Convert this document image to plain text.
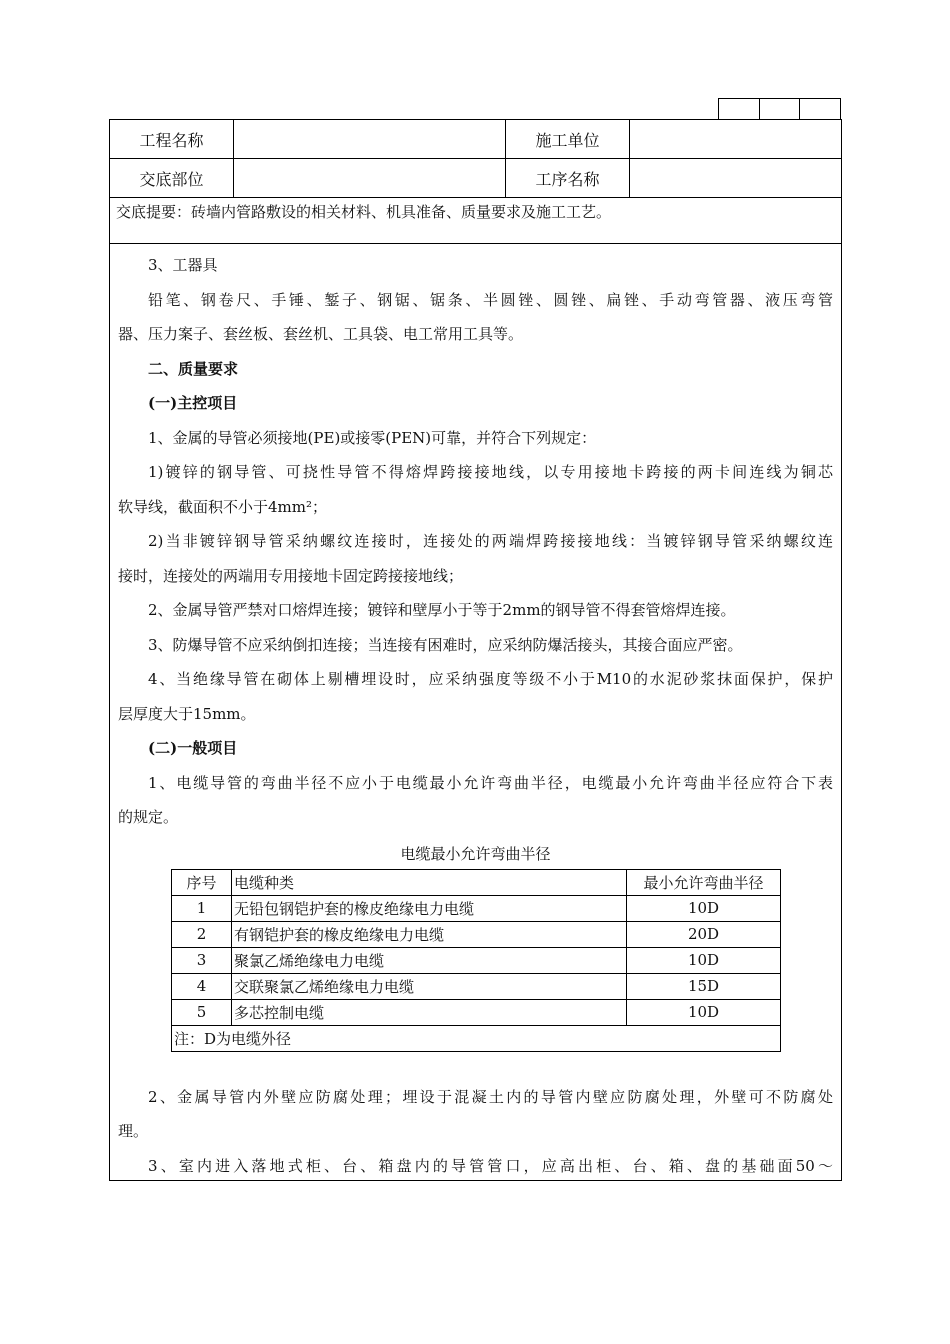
工程名称	施工单位
交底部位	工序名称
交底提要：砖墙内管路敷设的相关材料、机具准备、质量要求及施工工艺。

3、工器具

铅笔、钢卷尺、手锤、錾子、钢锯、锯条、半圆锉、圆锉、扁锉、手动弯管器、液压弯管

器、压力案子、套丝板、套丝机、工具袋、电工常用工具等。

二、质量要求

(一)主控项目

1、金属的导管必须接地(PE)或接零(PEN)可靠，并符合下列规定：

1)镀锌的钢导管、可挠性导管不得熔焊跨接接地线，以专用接地卡跨接的两卡间连线为铜芯

软导线，截面积不小于4mm²；

2)当非镀锌钢导管采纳螺纹连接时，连接处的两端焊跨接接地线：当镀锌钢导管采纳螺纹连

接时，连接处的两端用专用接地卡固定跨接接地线；

2、金属导管严禁对口熔焊连接；镀锌和壁厚小于等于2mm的钢导管不得套管熔焊连接。

3、防爆导管不应采纳倒扣连接；当连接有困难时，应采纳防爆活接头，其接合面应严密。

4、当绝缘导管在砌体上剔槽埋设时，应采纳强度等级不小于M10的水泥砂浆抹面保护，保护

层厚度大于15mm。

(二)一般项目

1、电缆导管的弯曲半径不应小于电缆最小允许弯曲半径，电缆最小允许弯曲半径应符合下表

的规定。

电缆最小允许弯曲半径
序号	电缆种类	最小允许弯曲半径
1	无铅包钢铠护套的橡皮绝缘电力电缆	10D
2	有钢铠护套的橡皮绝缘电力电缆	20D
3	聚氯乙烯绝缘电力电缆	10D
4	交联聚氯乙烯绝缘电力电缆	15D
5	多芯控制电缆	10D
注：D为电缆外径		

2、金属导管内外壁应防腐处理；埋设于混凝土内的导管内壁应防腐处理，外壁可不防腐处

理。

3、室内进入落地式柜、台、箱盘内的导管管口，应高出柜、台、箱、盘的基础面50～
